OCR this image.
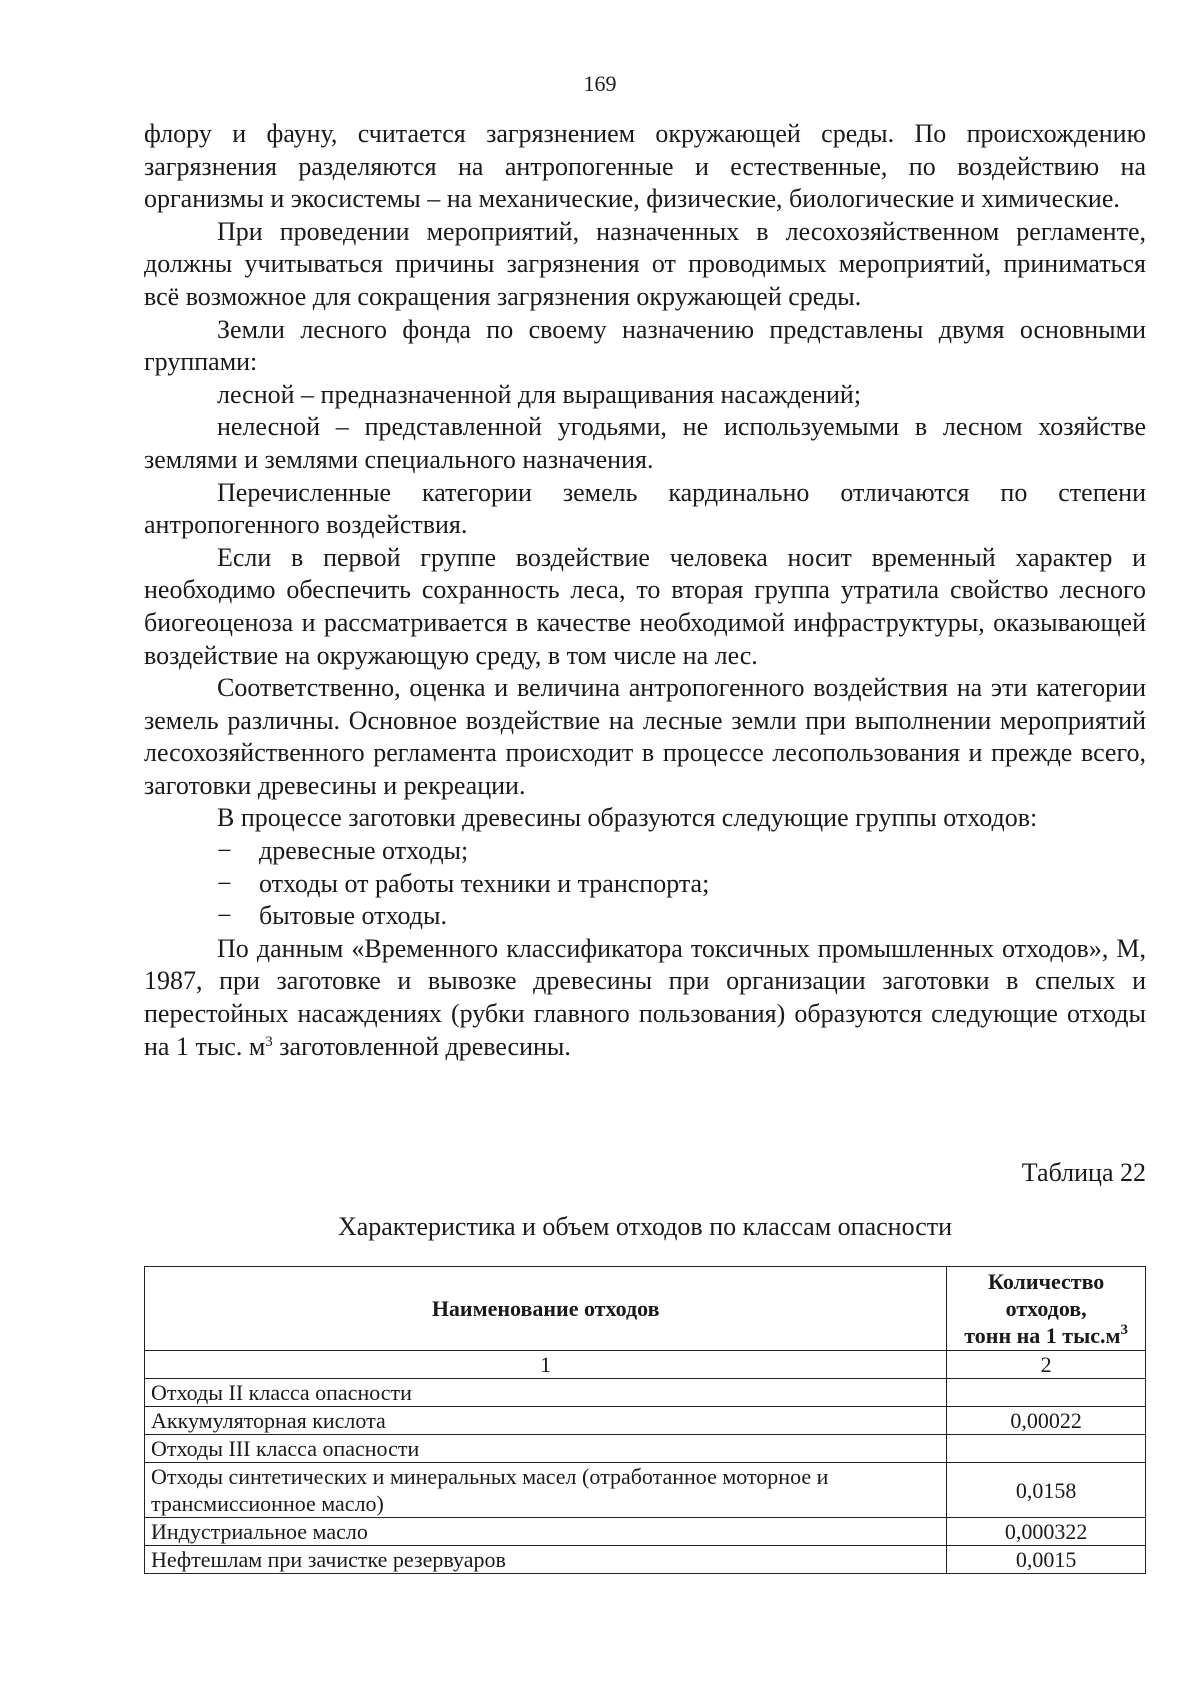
169

флору и фауну, считается загрязнением окружающей среды. По происхождению загрязнения разделяются на антропогенные и естественные, по воздействию на организмы и экосистемы – на механические, физические, биологические и химические.

При проведении мероприятий, назначенных в лесохозяйственном регламенте, должны учитываться причины загрязнения от проводимых мероприятий, приниматься всё возможное для сокращения загрязнения окружающей среды.

Земли лесного фонда по своему назначению представлены двумя основными группами:

лесной – предназначенной для выращивания насаждений;

нелесной – представленной угодьями, не используемыми в лесном хозяйстве землями и землями специального назначения.

Перечисленные категории земель кардинально отличаются по степени антропогенного воздействия.

Если в первой группе воздействие человека носит временный характер и необходимо обеспечить сохранность леса, то вторая группа утратила свойство лесного биогеоценоза и рассматривается в качестве необходимой инфраструктуры, оказывающей воздействие на окружающую среду, в том числе на лес.

Соответственно, оценка и величина антропогенного воздействия на эти категории земель различны. Основное воздействие на лесные земли при выполнении мероприятий лесохозяйственного регламента происходит в процессе лесопользования и прежде всего, заготовки древесины и рекреации.

В процессе заготовки древесины образуются следующие группы отходов:

−	древесные отходы;

−	отходы от работы техники и транспорта;

−	бытовые отходы.

По данным «Временного классификатора токсичных промышленных отходов», М, 1987, при заготовке и вывозке древесины при организации заготовки в спелых и перестойных насаждениях (рубки главного пользования) образуются следующие отходы на 1 тыс. $м^3$ заготовленной древесины.

Таблица 22
Характеристика и объем отходов по классам опасности
Наименование отходов	Количество
отходов,
тонн на 1 $тыс.м^3$
1	2
Отходы II класса опасности	
Аккумуляторная кислота	0,00022
Отходы III класса опасности	
Отходы синтетических и минеральных масел (отработанное моторное и трансмиссионное масло)	0,0158
Индустриальное масло	0,000322
Нефтешлам при зачистке резервуаров	0,0015
